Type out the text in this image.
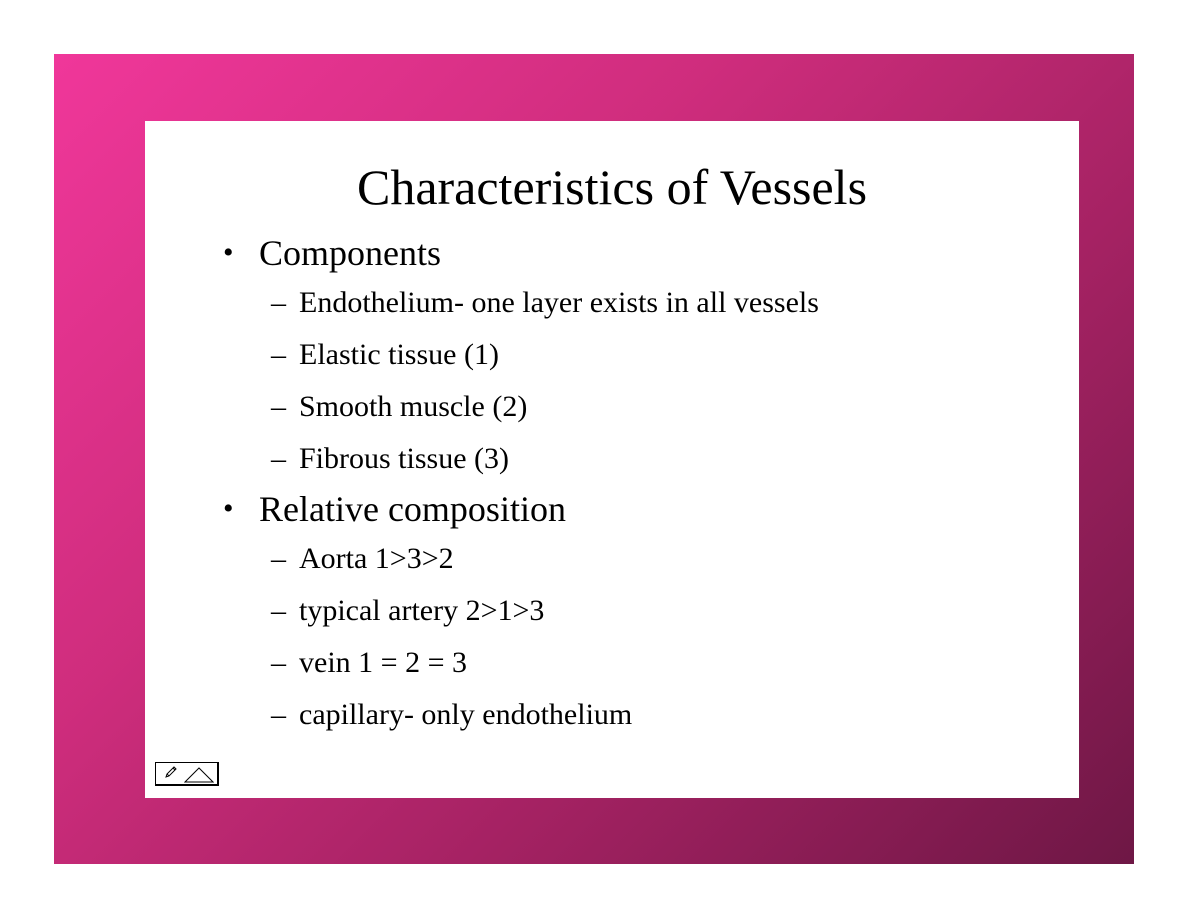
Characteristics of Vessels
• Components
– Endothelium- one layer exists in all vessels
– Elastic tissue (1)
– Smooth muscle (2)
– Fibrous tissue (3)
• Relative composition
– Aorta 1>3>2
– typical artery 2>1>3
– vein 1 = 2 = 3
– capillary- only endothelium
